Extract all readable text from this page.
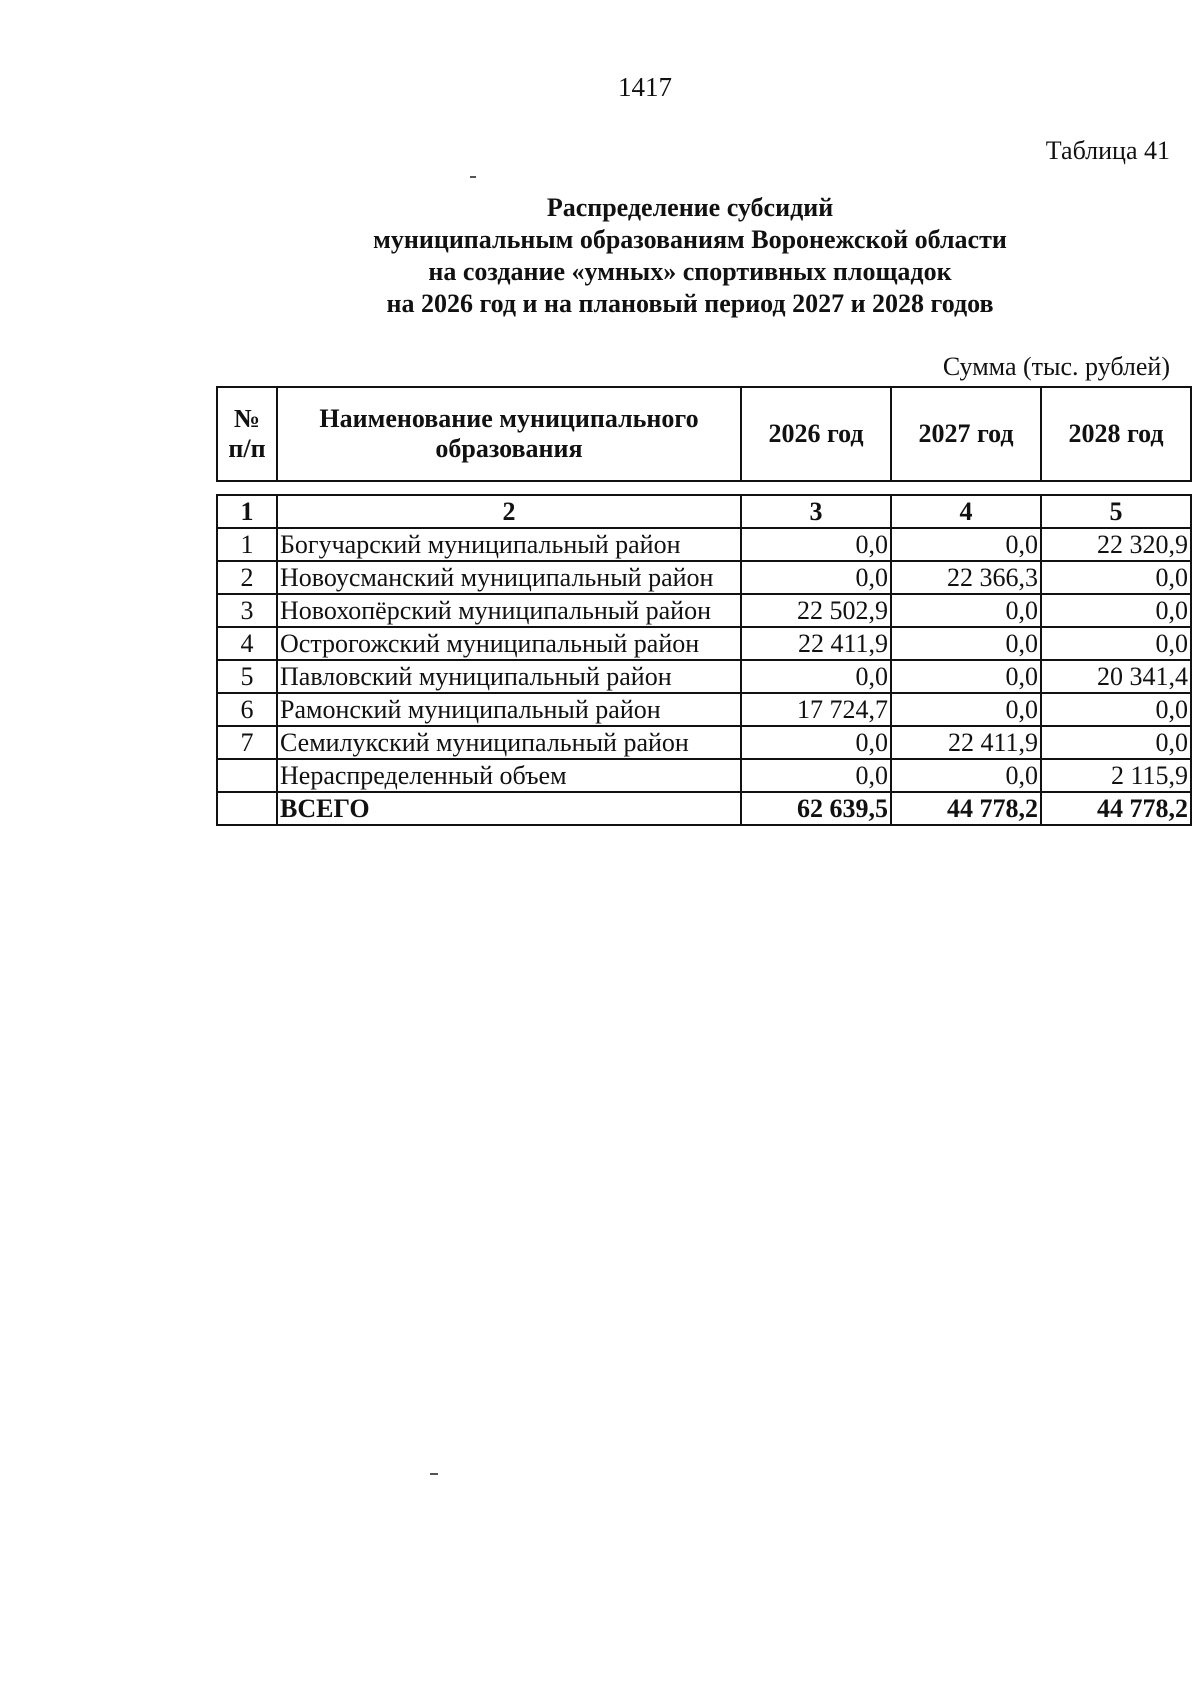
1417
Таблица 41
Распределение субсидий
муниципальным образованиям Воронежской области
на создание «умных» спортивных площадок
на 2026 год и на плановый период 2027 и 2028 годов
Сумма (тыс. рублей)
№ п/п	Наименование муниципального образования	2026 год	2027 год	2028 год
1	2	3	4	5
1	Богучарский муниципальный район	0,0	0,0	22 320,9
2	Новоусманский муниципальный район	0,0	22 366,3	0,0
3	Новохопёрский муниципальный район	22 502,9	0,0	0,0
4	Острогожский муниципальный район	22 411,9	0,0	0,0
5	Павловский муниципальный район	0,0	0,0	20 341,4
6	Рамонский муниципальный район	17 724,7	0,0	0,0
7	Семилукский муниципальный район	0,0	22 411,9	0,0
	Нераспределенный объем	0,0	0,0	2 115,9
	ВСЕГО	62 639,5	44 778,2	44 778,2
